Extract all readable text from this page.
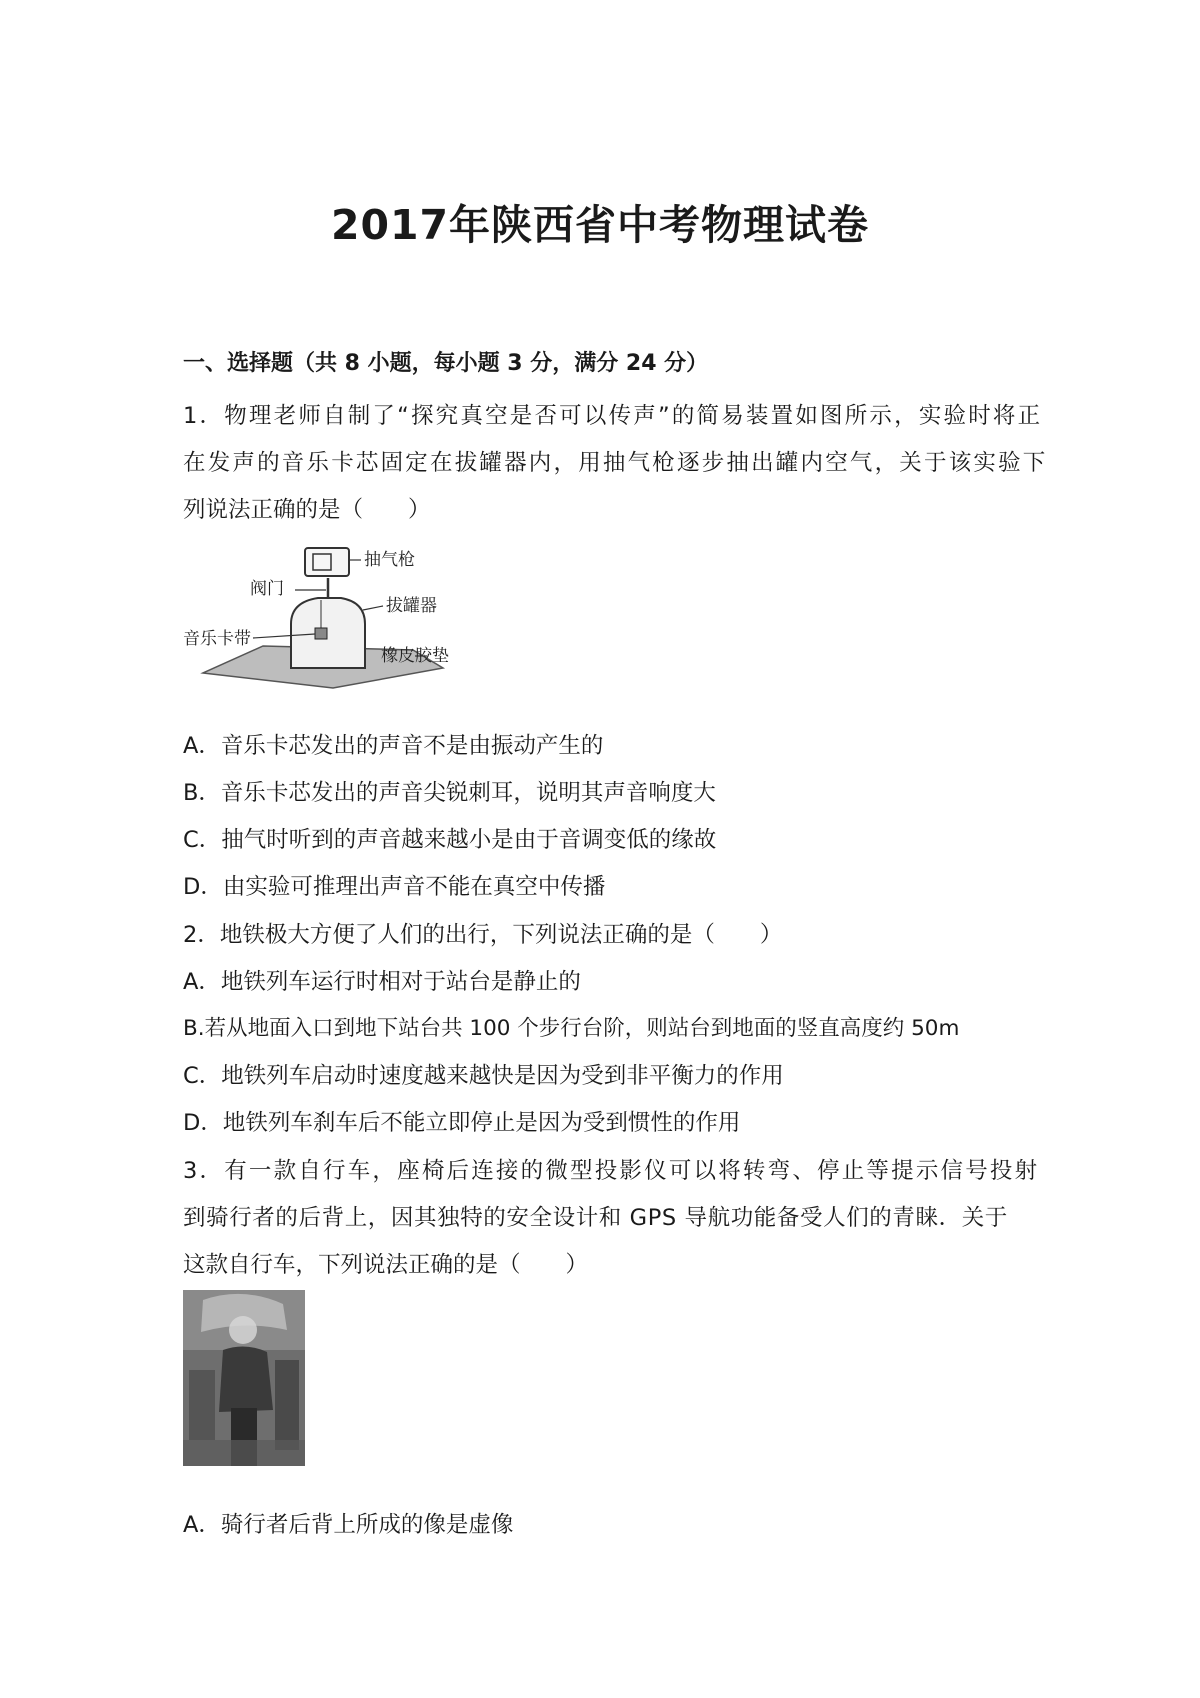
2017年陕西省中考物理试卷
一、选择题（共 8 小题，每小题 3 分，满分 24 分）
1．物理老师自制了“探究真空是否可以传声”的简易装置如图所示，实验时将正
在发声的音乐卡芯固定在拔罐器内，用抽气枪逐步抽出罐内空气，关于该实验下
列说法正确的是（　　）
抽气枪
阀门
拔罐器
音乐卡带
橡皮胶垫
A．音乐卡芯发出的声音不是由振动产生的
B．音乐卡芯发出的声音尖锐刺耳，说明其声音响度大
C．抽气时听到的声音越来越小是由于音调变低的缘故
D．由实验可推理出声音不能在真空中传播
2．地铁极大方便了人们的出行，下列说法正确的是（　　）
A．地铁列车运行时相对于站台是静止的
B.若从地面入口到地下站台共 100 个步行台阶，则站台到地面的竖直高度约 50m
C．地铁列车启动时速度越来越快是因为受到非平衡力的作用
D．地铁列车刹车后不能立即停止是因为受到惯性的作用
3．有一款自行车，座椅后连接的微型投影仪可以将转弯、停止等提示信号投射
到骑行者的后背上，因其独特的安全设计和 GPS 导航功能备受人们的青睐．关于
这款自行车，下列说法正确的是（　　）
A．骑行者后背上所成的像是虚像
